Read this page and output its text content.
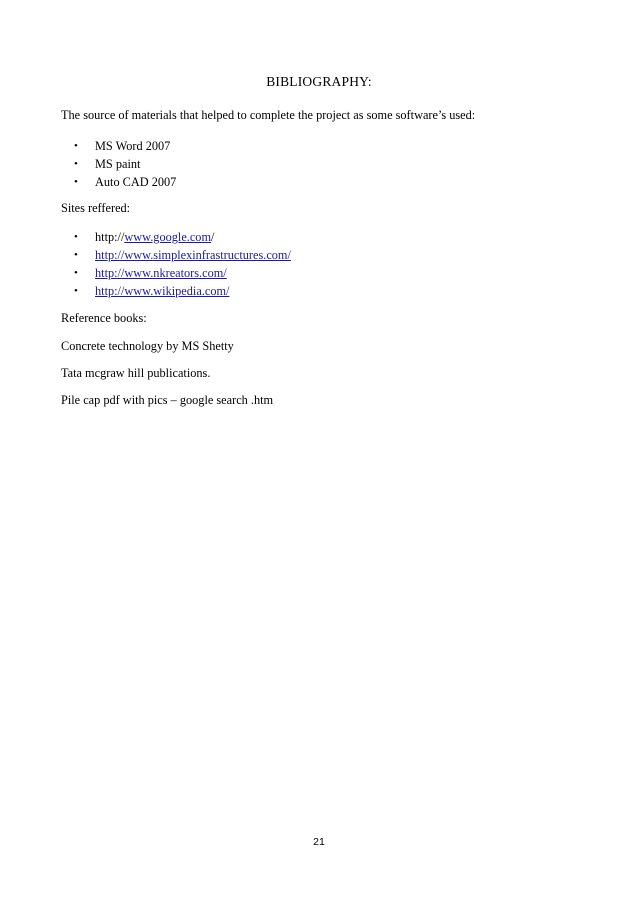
BIBLIOGRAPHY:
The source of materials that helped to complete the project as some software’s used:
• MS Word 2007
• MS paint
• Auto CAD 2007
Sites reffered:
• http://www.google.com/
• http://www.simplexinfrastructures.com/
• http://www.nkreators.com/
• http://www.wikipedia.com/
Reference books:
Concrete technology by MS Shetty
Tata mcgraw hill publications.
Pile cap pdf with pics – google search .htm
21
